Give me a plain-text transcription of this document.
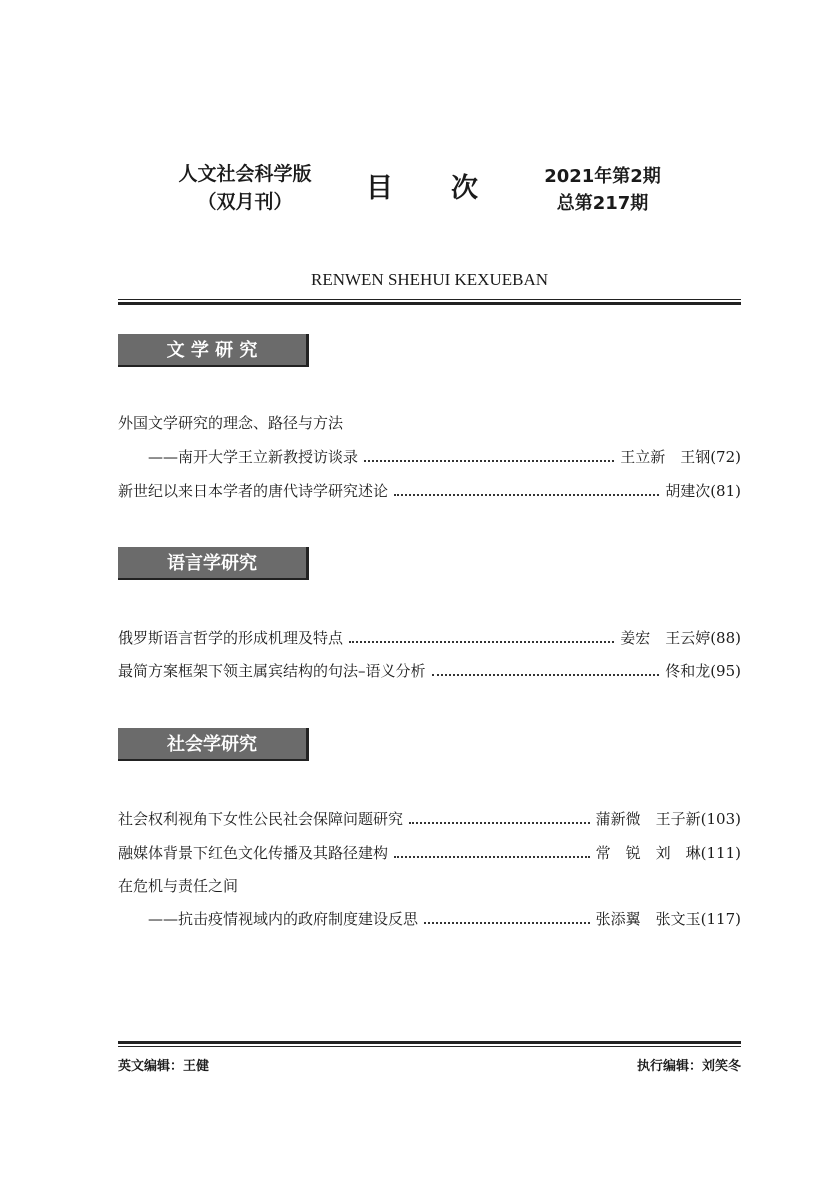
人文社会科学版
（双月刊）	目 次	2021年第2期
总第217期
RENWEN SHEHUI KEXUEBAN
文 学 研 究
外国文学研究的理念、路径与方法
——南开大学王立新教授访谈录	王立新　王钢(72)
新世纪以来日本学者的唐代诗学研究述论	胡建次(81)
语言学研究
俄罗斯语言哲学的形成机理及特点	姜宏　王云婷(88)
最简方案框架下领主属宾结构的句法–语义分析	佟和龙(95)
社会学研究
社会权利视角下女性公民社会保障问题研究	蒲新微　王子新(103)
融媒体背景下红色文化传播及其路径建构	常　锐　刘　琳(111)
在危机与责任之间
——抗击疫情视域内的政府制度建设反思	张添翼　张文玉(117)
英文编辑：王健	执行编辑：刘笑冬
